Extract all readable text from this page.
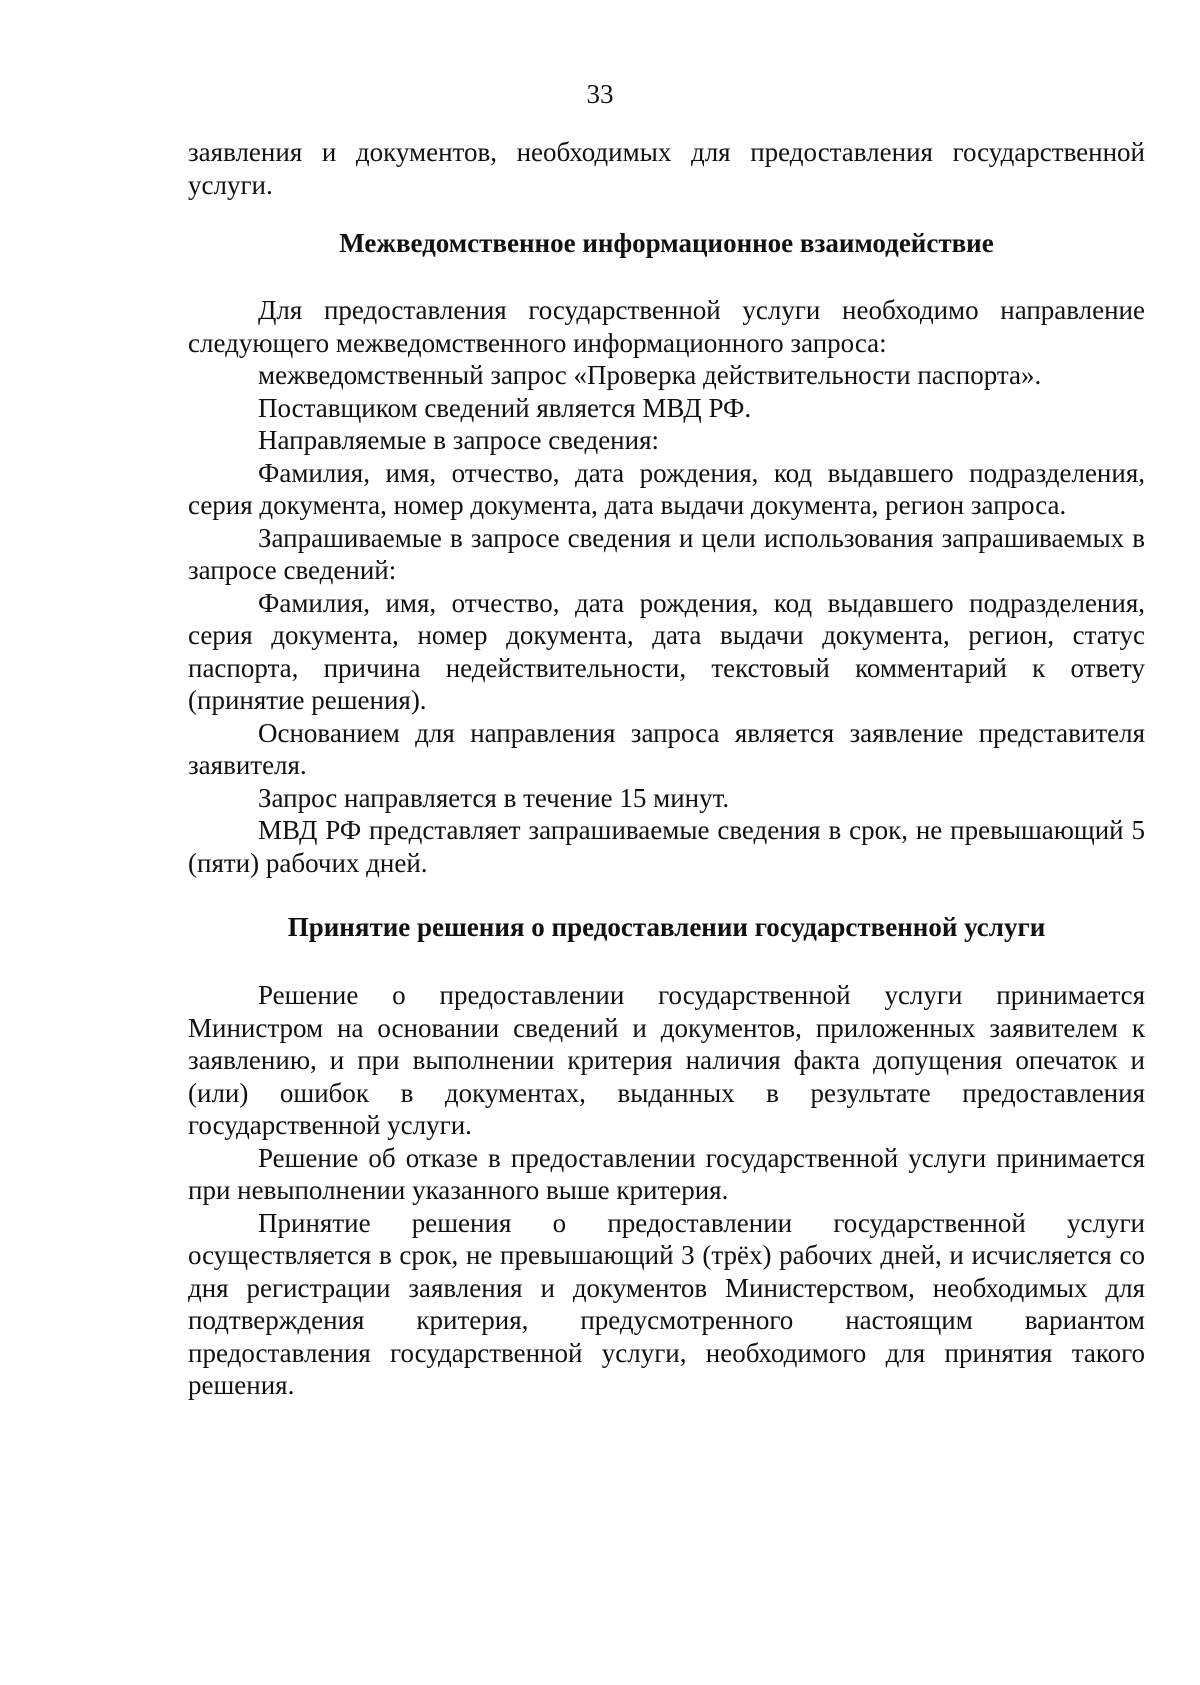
33

заявления и документов, необходимых для предоставления государственной услуги.

Межведомственное информационное взаимодействие

Для предоставления государственной услуги необходимо направление следующего межведомственного информационного запроса:

межведомственный запрос «Проверка действительности паспорта».

Поставщиком сведений является МВД РФ.

Направляемые в запросе сведения:

Фамилия, имя, отчество, дата рождения, код выдавшего подразделения, серия документа, номер документа, дата выдачи документа, регион запроса.

Запрашиваемые в запросе сведения и цели использования запрашиваемых в запросе сведений:

Фамилия, имя, отчество, дата рождения, код выдавшего подразделения, серия документа, номер документа, дата выдачи документа, регион, статус паспорта, причина недействительности, текстовый комментарий к ответу (принятие решения).

Основанием для направления запроса является заявление представителя заявителя.

Запрос направляется в течение 15 минут.

МВД РФ представляет запрашиваемые сведения в срок, не превышающий 5 (пяти) рабочих дней.

Принятие решения о предоставлении государственной услуги

Решение о предоставлении государственной услуги принимается Министром на основании сведений и документов, приложенных заявителем к заявлению, и при выполнении критерия наличия факта допущения опечаток и (или) ошибок в документах, выданных в результате предоставления государственной услуги.

Решение об отказе в предоставлении государственной услуги принимается при невыполнении указанного выше критерия.

Принятие решения о предоставлении государственной услуги осуществляется в срок, не превышающий 3 (трёх) рабочих дней, и исчисляется со дня регистрации заявления и документов Министерством, необходимых для подтверждения критерия, предусмотренного настоящим вариантом предоставления государственной услуги, необходимого для принятия такого решения.
